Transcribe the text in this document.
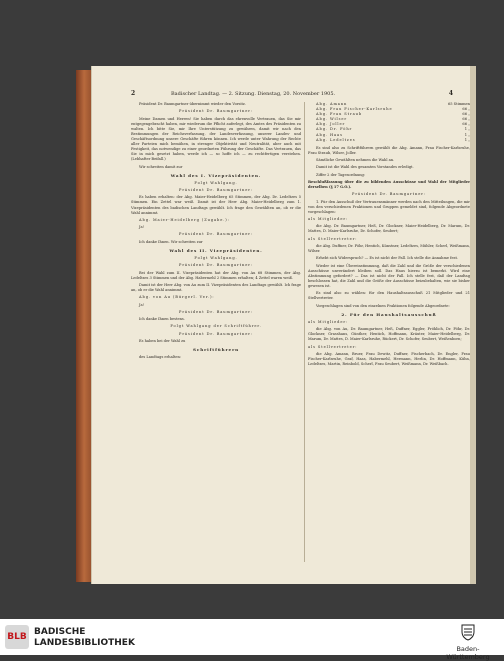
2	Badischer Landtag. — 2. Sitzung. Dienstag, 20. November 1905.	4
Präsident Dr. Baumgartner übernimmt wieder den Vorsitz.
Präsident Dr. Baumgartner:
Meine Damen und Herren! Sie haben durch das ehrenvolle Vertrauen, das Sie mir entgegengebracht haben, mir wiederum die Pflicht auferlegt, des Amtes des Präsidenten zu walten. Ich bitte Sie, mir Ihre Unterstützung zu gewähren, damit wir nach den Bestimmungen der Reichsverfassung, der Landesverfassung, unserer Landes- und Geschäftsordnung unsere Geschäfte führen können. Ich werde unter Wahrung der Rechte aller Parteien mich bemühen, in strenger Objektivität und Neutralität, aber auch mit Festigkeit, das notwendige zu einer geordneten Führung der Geschäfte. Das Vertrauen, das Sie in mich gesetzt haben, werde ich — so hoffe ich — zu rechtfertigen verstehen. (Lebhafter Beifall.)
Wir schreiten damit zur
Wahl des I. Vizepräsidenten.
Folgt Wahlgang.
Präsident Dr. Baumgartner:
Es haben erhalten: der Abg. Maier-Heidelberg 65 Stimmen, der Abg. Dr. Ledeltzes 5 Stimmen. Ein Zettel war weiß. Damit ist der Herr Abg. Maier-Heidelberg zum 1. Vizepräsidenten des badischen Landtags gewählt. Ich frage den Gewählten an, ob er die Wahl annimmt.
Abg. Maier-Heidelberg (Zugabe.):
Ja!
Präsident Dr. Baumgartner:
Ich danke Ihnen. Wir schreiten zur
Wahl des II. Vizepräsidenten.
Folgt Wahlgang.
Präsident Dr. Baumgartner:
Bei der Wahl zum II. Vizepräsidenten hat der Abg. von Au 68 Stimmen, der Abg. Ledeltzes 3 Stimmen und der Abg. Habermehl 2 Stimmen erhalten; 4 Zettel waren weiß.
Damit ist der Herr Abg. von Au zum II. Vizepräsidenten des Landtags gewählt. Ich frage an, ob er die Wahl annimmt.
Abg. von Au (Bürgerl. Ver.):
Ja!
Präsident Dr. Baumgartner:
Ich danke Ihnen bestens.
Folgt Wahlgang der Schriftführer.
Präsident Dr. Baumgartner:
Es haben bei der Wahl zu
Schriftführern
des Landtags erhalten:
Abg. Amann	65 Stimmen
Abg. Frau Fischer-Karlsruhe	66 „
Abg. Frau Straub	66 „
Abg. Wilser	66 „
Abg. Joller	66 „
Abg. Dr. Föhr	1 „
Abg. Haas	1 „
Abg. Ledeltzes	1 „
Es sind also zu Schriftführern gewählt die Abg. Amann, Frau Fischer-Karlsruhe, Frau Straub, Wilser, Joller.
Sämtliche Gewählten nehmen die Wahl an.
Damit ist die Wahl des gesamten Vorstandes erledigt.
Ziffer 2 der Tagesordnung:
Beschlußfassung über die zu bildenden Ausschüsse und Wahl der Mitglieder derselben (§ 17 G.O.).
Präsident Dr. Baumgartner:
1. Für den Ausschuß der Vertrauensmänner werden nach den Mitteilungen, die mir von den verschiedenen Fraktionen und Gruppen gemeldet sind, folgende Abgeordnete vorgeschlagen:
als Mitglieder:
die Abg. Dr. Baumgartner, Heß, Dr. Glockner, Maier-Heidelberg, Dr. Marum, Dr. Mattes, D. Maier-Karlsruhe, Dr. Schofer, Seubert;
als Stellvertreter:
die Abg. Duffner, Dr. Föhr, Hentich, Künstner, Ledeltzes, Mühler, Scherl, Weißmann, Wilser.
Erhebt sich Widerspruch? — Es ist nicht der Fall. Ich stelle die Annahme fest.
Wieder ist eine Übereinstimmung, daß die Zahl und die Größe der verschiedenen Ausschüsse unverändert bleiben soll. Das Haus hierzu ist bemerkt. Wird eine Abstimmung gefordert? — Das ist nicht der Fall. Ich stelle fest, daß der Landtag beschlossen hat, die Zahl und die Größe der Ausschüsse beizubehalten, wie sie bisher gewesen ist.
Es sind also zu wählen: für den Haushaltsausschuß 21 Mitglieder und 21 Stellvertreter.
Vorgeschlagen sind von den einzelnen Fraktionen folgende Abgeordnete:
2. Für den Haushaltsausschuß
als Mitglieder:
die Abg. von Au, Dr. Baumgartner, Heß, Duffner, Eggler, Fröhlich, Dr. Föhr, Dr. Glockner, Grasshans, Günther, Hentich, Hoffmann, Kräuter, Maier-Heidelberg, Dr. Marum, Dr. Mattes, D. Maier-Karlsruhe, Rückert, Dr. Schofer, Seubert, Weißenborn;
als Stellvertreter:
die Abg. Amann, Bruer, Frau Dewitz, Duffner, Fischerbach, Dr. Engler, Frau Fischer-Karlsruhe, Graf, Haas, Habermehl, Hermann, Herlin, Dr. Hoffmann, Kühn, Ledeltzes, Martin, Reinbold, Scherl, Frau Seubert, Weißmann, Dr. Weißbach.
BLB BADISCHE
LANDESBIBLIOTHEK
Baden-Württemberg
